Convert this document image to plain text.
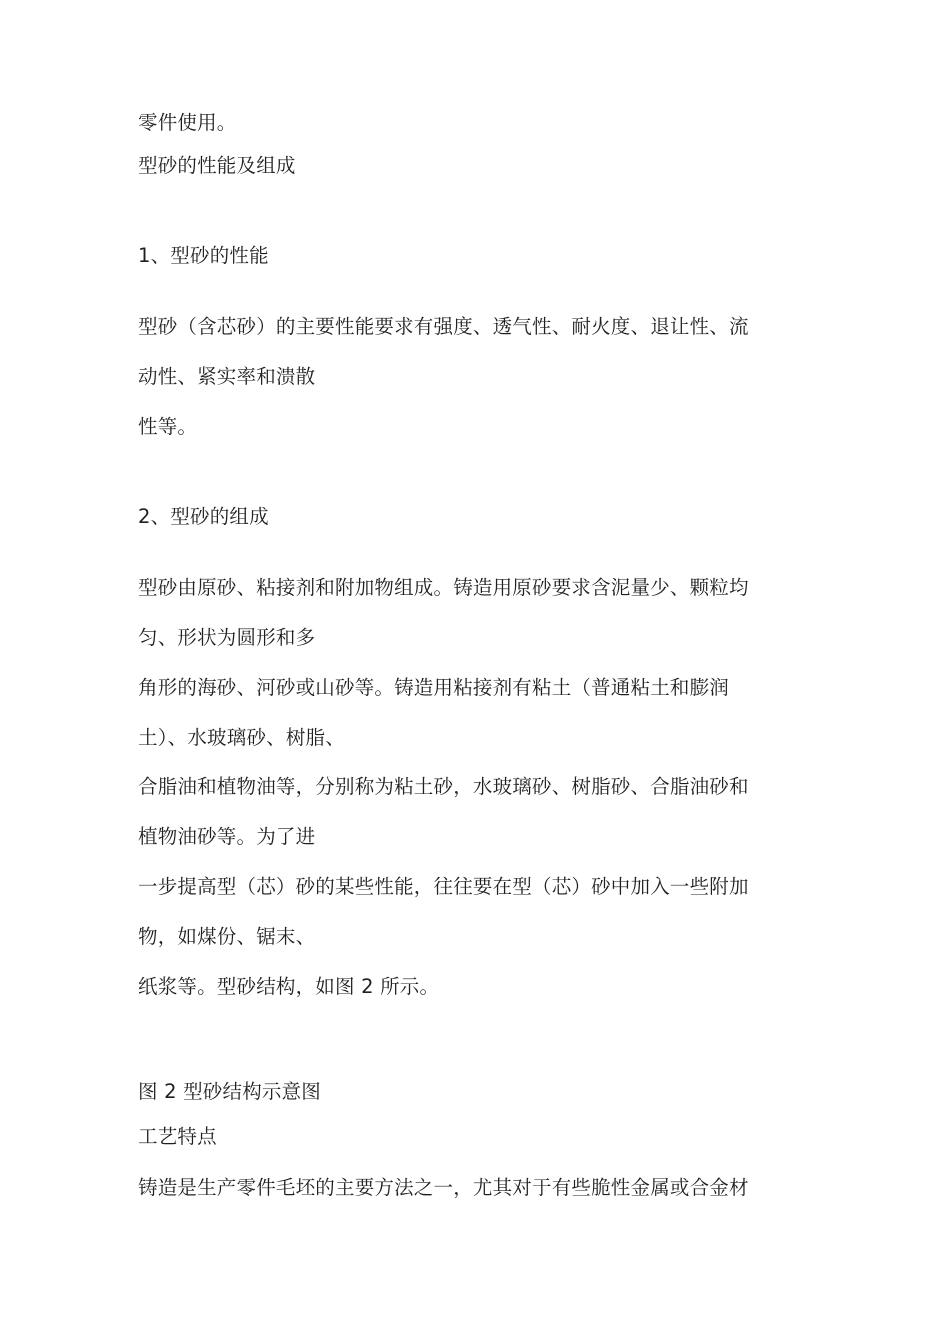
零件使用。
型砂的性能及组成
1、型砂的性能
型砂（含芯砂）的主要性能要求有强度、透气性、耐火度、退让性、流
动性、紧实率和溃散
性等。
2、型砂的组成
型砂由原砂、粘接剂和附加物组成。铸造用原砂要求含泥量少、颗粒均
匀、形状为圆形和多
角形的海砂、河砂或山砂等。铸造用粘接剂有粘土（普通粘土和膨润
土）、水玻璃砂、树脂、
合脂油和植物油等，分别称为粘土砂，水玻璃砂、树脂砂、合脂油砂和
植物油砂等。为了进
一步提高型（芯）砂的某些性能，往往要在型（芯）砂中加入一些附加
物，如煤份、锯末、
纸浆等。型砂结构，如图 2 所示。
图 2 型砂结构示意图
工艺特点
铸造是生产零件毛坯的主要方法之一，尤其对于有些脆性金属或合金材
